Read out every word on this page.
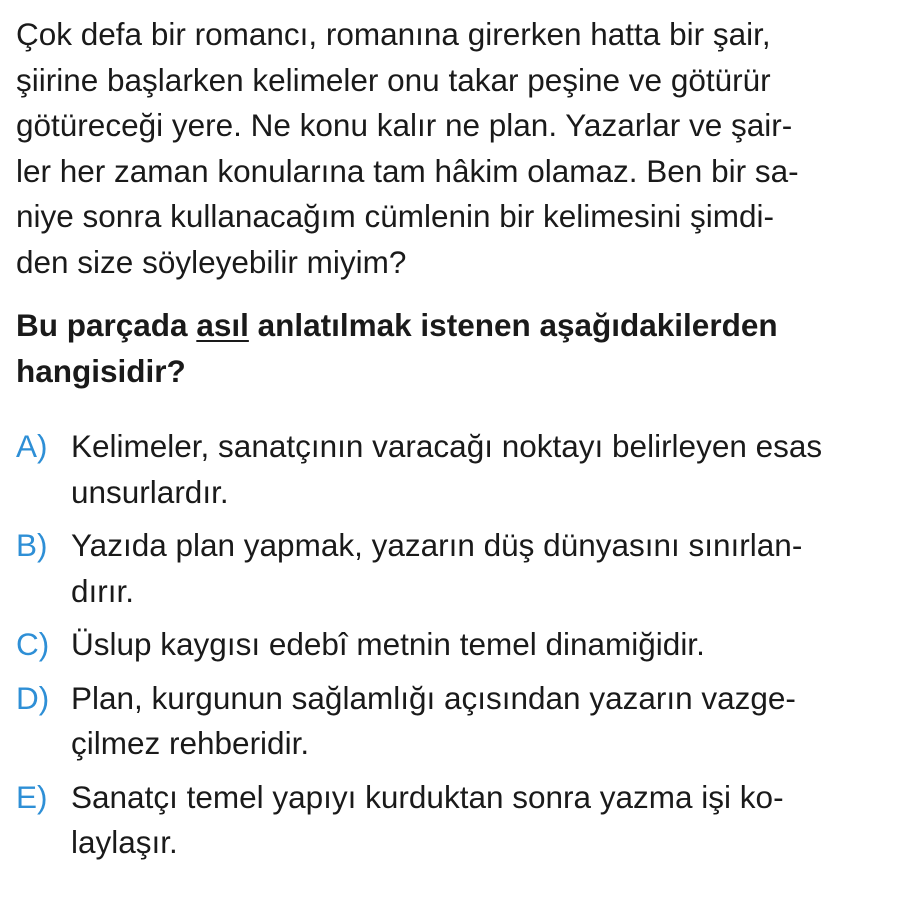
Çok defa bir romancı, romanına girerken hatta bir şair,
şiirine başlarken kelimeler onu takar peşine ve götürür
götüreceği yere. Ne konu kalır ne plan. Yazarlar ve şair-
ler her zaman konularına tam hâkim olamaz. Ben bir sa-
niye sonra kullanacağım cümlenin bir kelimesini şimdi-
den size söyleyebilir miyim?

Bu parçada asıl anlatılmak istenen aşağıdakilerden
hangisidir?

A) Kelimeler, sanatçının varacağı noktayı belirleyen esas
unsurlardır.
B) Yazıda plan yapmak, yazarın düş dünyasını sınırlan-
dırır.
C) Üslup kaygısı edebî metnin temel dinamiğidir.
D) Plan, kurgunun sağlamlığı açısından yazarın vazge-
çilmez rehberidir.
E) Sanatçı temel yapıyı kurduktan sonra yazma işi ko-
laylaşır.
